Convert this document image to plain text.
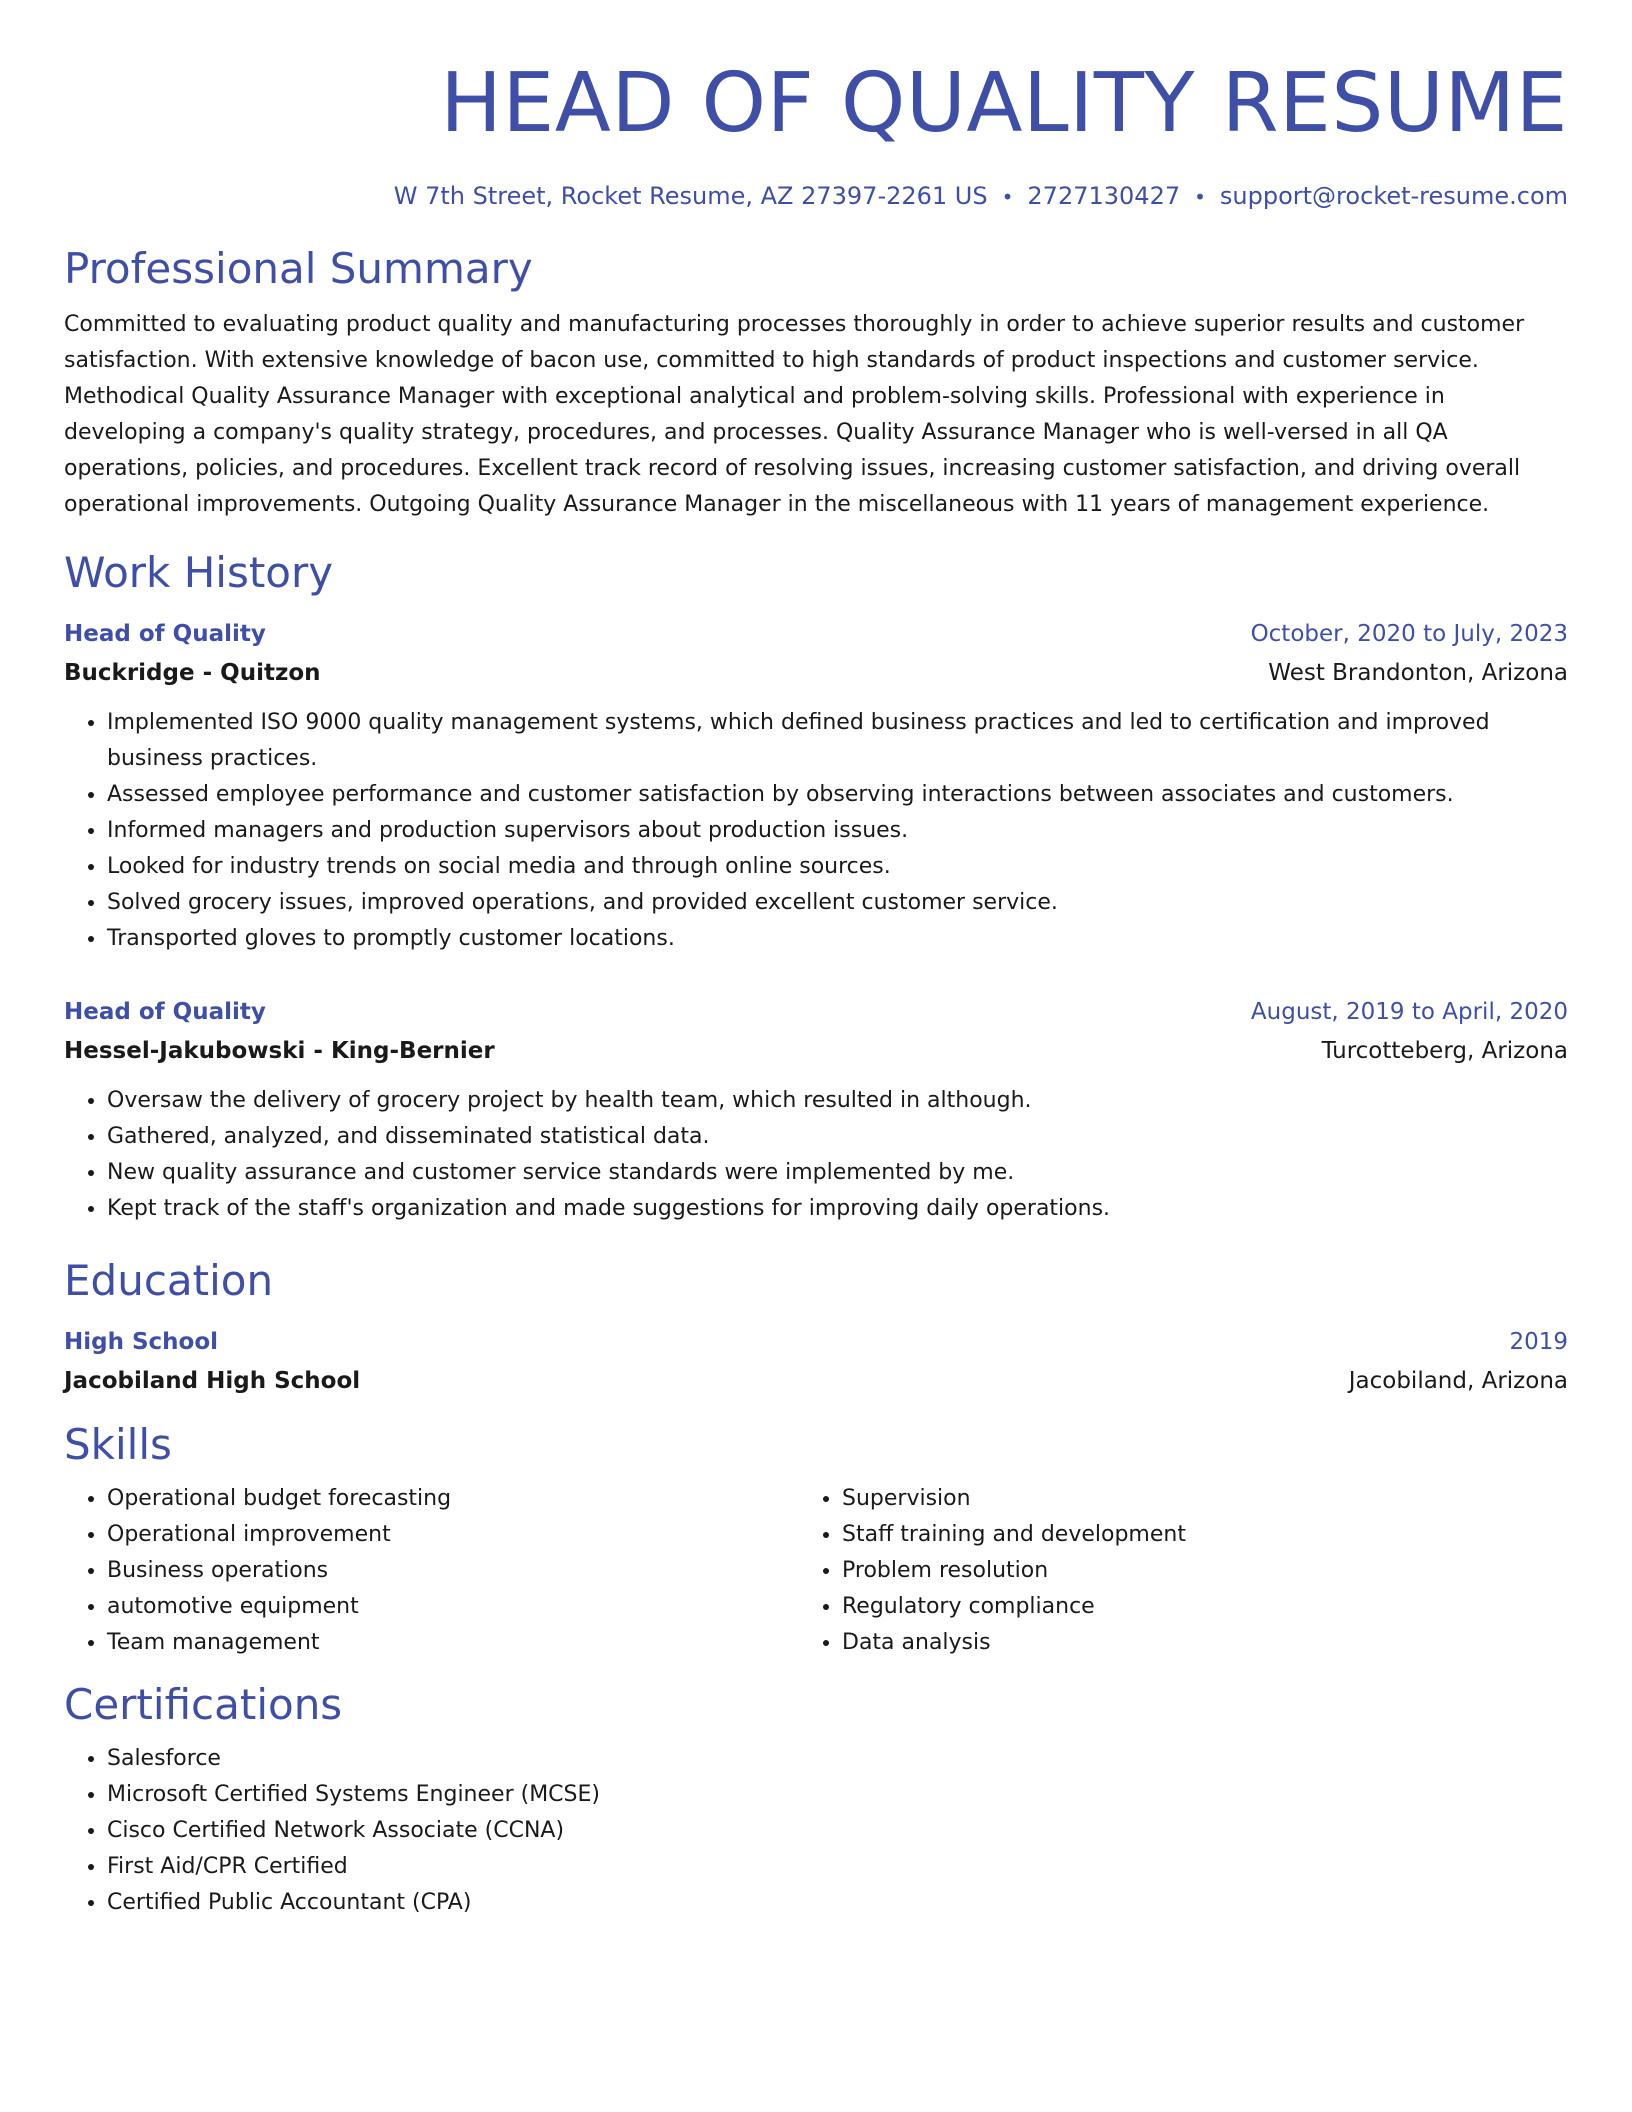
HEAD OF QUALITY RESUME
W 7th Street, Rocket Resume, AZ 27397-2261 US • 2727130427 • support@rocket-resume.com
Professional Summary

Committed to evaluating product quality and manufacturing processes thoroughly in order to achieve superior results and customer satisfaction. With extensive knowledge of bacon use, committed to high standards of product inspections and customer service. Methodical Quality Assurance Manager with exceptional analytical and problem-solving skills. Professional with experience in developing a company's quality strategy, procedures, and processes. Quality Assurance Manager who is well-versed in all QA operations, policies, and procedures. Excellent track record of resolving issues, increasing customer satisfaction, and driving overall operational improvements. Outgoing Quality Assurance Manager in the miscellaneous with 11 years of management experience.

Work History
Head of Quality	October, 2020 to July, 2023
Buckridge - Quitzon	West Brandonton, Arizona
• Implemented ISO 9000 quality management systems, which defined business practices and led to certification and improved business practices.
• Assessed employee performance and customer satisfaction by observing interactions between associates and customers.
• Informed managers and production supervisors about production issues.
• Looked for industry trends on social media and through online sources.
• Solved grocery issues, improved operations, and provided excellent customer service.
• Transported gloves to promptly customer locations.
Head of Quality	August, 2019 to April, 2020
Hessel-Jakubowski - King-Bernier	Turcotteberg, Arizona
• Oversaw the delivery of grocery project by health team, which resulted in although.
• Gathered, analyzed, and disseminated statistical data.
• New quality assurance and customer service standards were implemented by me.
• Kept track of the staff's organization and made suggestions for improving daily operations.
Education
High School	2019
Jacobiland High School	Jacobiland, Arizona
Skills
• Operational budget forecasting
• Operational improvement
• Business operations
• automotive equipment
• Team management
• Supervision
• Staff training and development
• Problem resolution
• Regulatory compliance
• Data analysis
Certifications
• Salesforce
• Microsoft Certified Systems Engineer (MCSE)
• Cisco Certified Network Associate (CCNA)
• First Aid/CPR Certified
• Certified Public Accountant (CPA)
